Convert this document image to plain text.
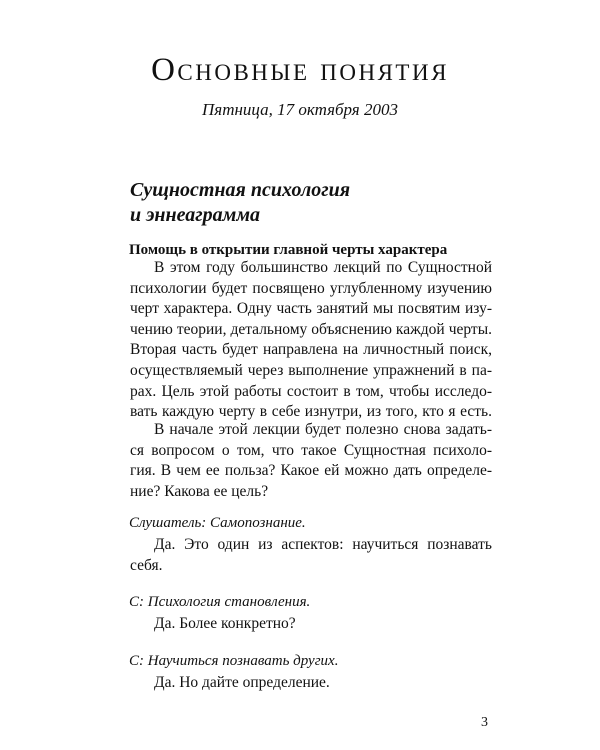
Основные понятия
Пятница, 17 октября 2003
Сущностная психология
и эннеаграмма
Помощь в открытии главной черты характера

В этом году большинство лекций по Сущностной
психологии будет посвящено углубленному изучению
черт характера. Одну часть занятий мы посвятим изу-
чению теории, детальному объяснению каждой черты.
Вторая часть будет направлена на личностный поиск,
осуществляемый через выполнение упражнений в па-
рах. Цель этой работы состоит в том, чтобы исследо-
вать каждую черту в себе изнутри, из того, кто я есть.

В начале этой лекции будет полезно снова задать-
ся вопросом о том, что такое Сущностная психоло-
гия. В чем ее польза? Какое ей можно дать определе-
ние? Какова ее цель?

Слушатель: Самопознание.
Да. Это один из аспектов: научиться познавать
себя.
С: Психология становления.
Да. Более конкретно?
С: Научиться познавать других.
Да. Но дайте определение.
3
